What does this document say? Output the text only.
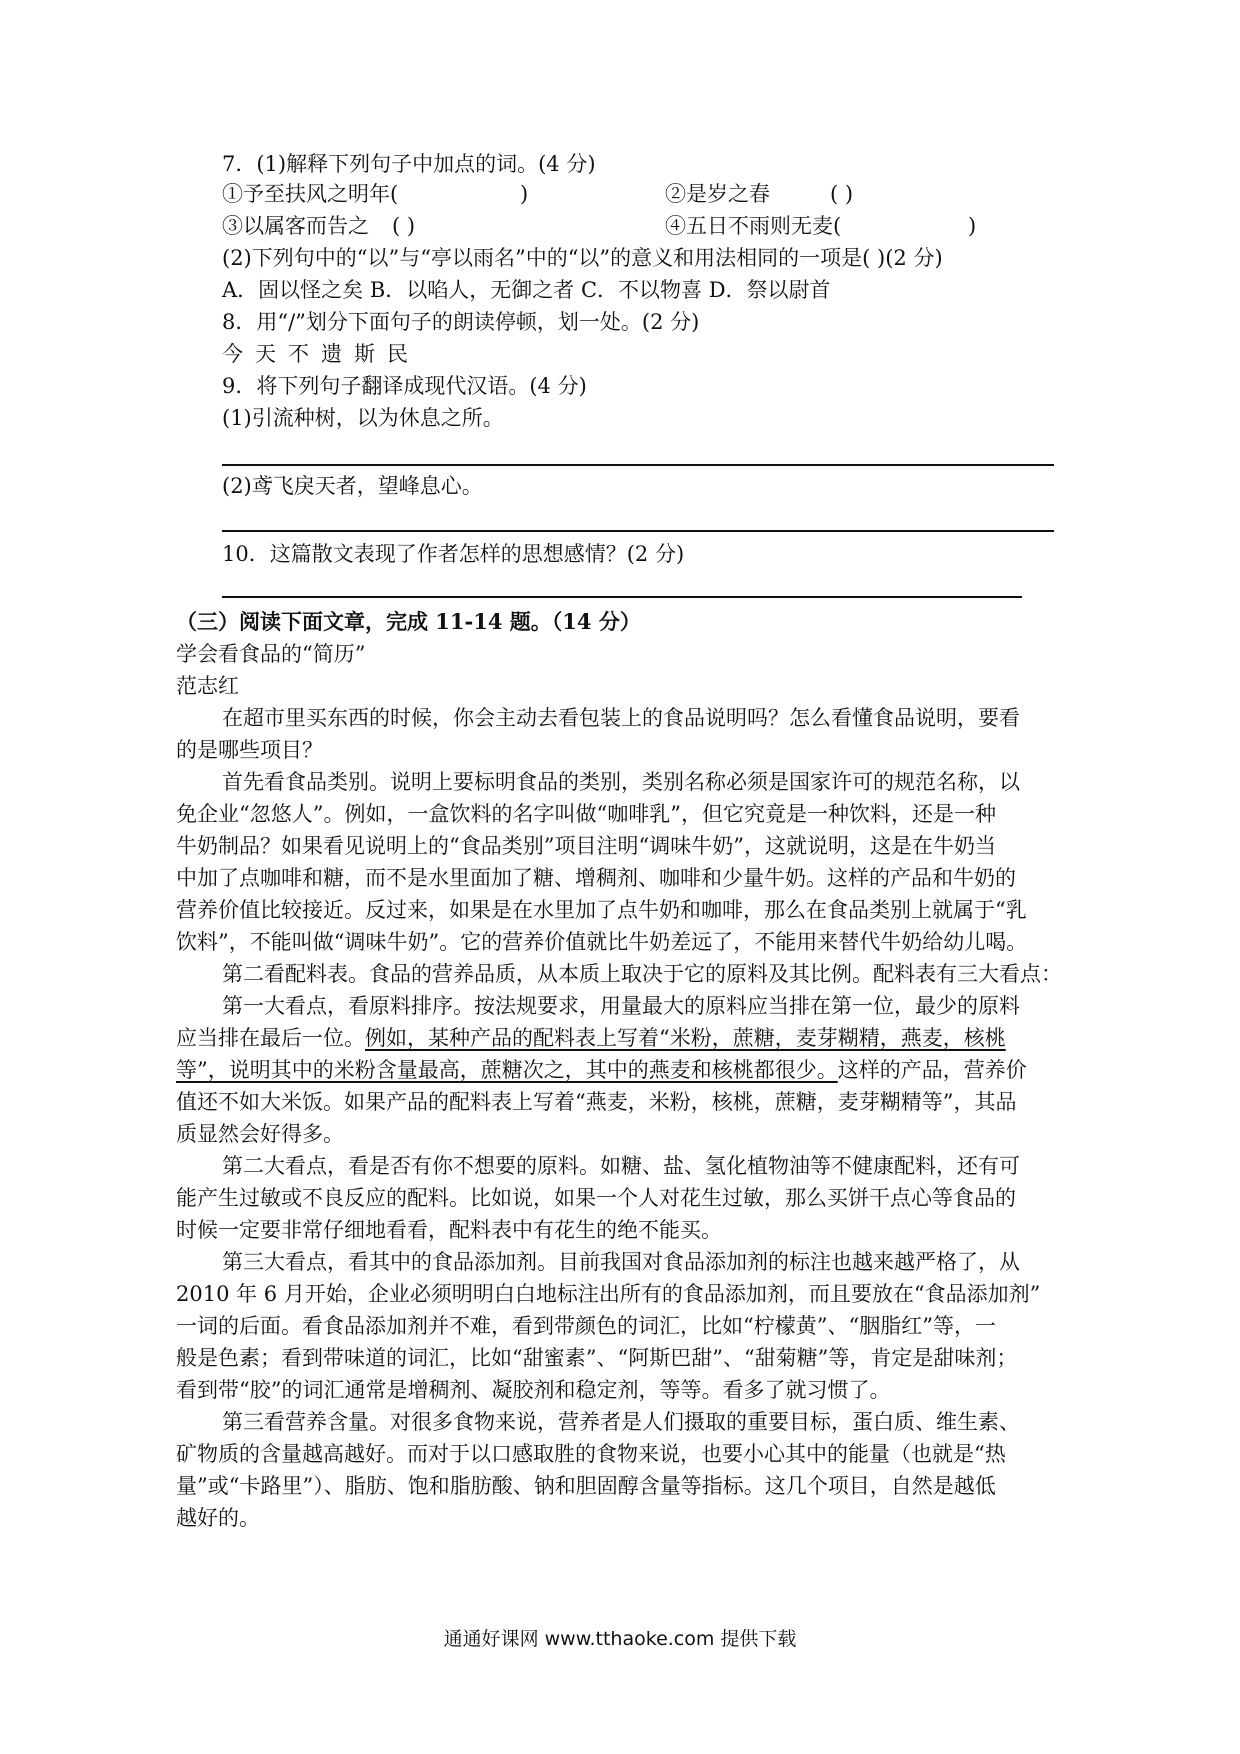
7．(1)解释下列句子中加点的词。(4 分)
①予至扶风之明年(	)	②是岁之春	( )
③以属客而告之 ( )	④五日不雨则无麦(	)
(2)下列句中的“以”与“亭以雨名”中的“以”的意义和用法相同的一项是( )(2 分)
A．固以怪之矣 B．以啗人，无御之者 C．不以物喜 D．祭以尉首
8．用“/”划分下面句子的朗读停顿，划一处。(2 分)
今天不遗斯民
9．将下列句子翻译成现代汉语。(4 分)
(1)引流种树，以为休息之所。
(2)鸢飞戾天者，望峰息心。
10．这篇散文表现了作者怎样的思想感情？(2 分)
（三）阅读下面文章，完成 11-14 题。（14 分）
学会看食品的“简历”
范志红
在超市里买东西的时候，你会主动去看包装上的食品说明吗？怎么看懂食品说明，要看
的是哪些项目？
首先看食品类别。说明上要标明食品的类别，类别名称必须是国家许可的规范名称，以
免企业“忽悠人”。例如，一盒饮料的名字叫做“咖啡乳”，但它究竟是一种饮料，还是一种
牛奶制品？如果看见说明上的“食品类别”项目注明“调味牛奶”，这就说明，这是在牛奶当
中加了点咖啡和糖，而不是水里面加了糖、增稠剂、咖啡和少量牛奶。这样的产品和牛奶的
营养价值比较接近。反过来，如果是在水里加了点牛奶和咖啡，那么在食品类别上就属于“乳
饮料”，不能叫做“调味牛奶”。它的营养价值就比牛奶差远了，不能用来替代牛奶给幼儿喝。
第二看配料表。食品的营养品质，从本质上取决于它的原料及其比例。配料表有三大看点：
第一大看点，看原料排序。按法规要求，用量最大的原料应当排在第一位，最少的原料
应当排在最后一位。例如，某种产品的配料表上写着“米粉，蔗糖，麦芽糊精，燕麦，核桃
等”，说明其中的米粉含量最高，蔗糖次之，其中的燕麦和核桃都很少。这样的产品，营养价
值还不如大米饭。如果产品的配料表上写着“燕麦，米粉，核桃，蔗糖，麦芽糊精等”，其品
质显然会好得多。
第二大看点，看是否有你不想要的原料。如糖、盐、氢化植物油等不健康配料，还有可
能产生过敏或不良反应的配料。比如说，如果一个人对花生过敏，那么买饼干点心等食品的
时候一定要非常仔细地看看，配料表中有花生的绝不能买。
第三大看点，看其中的食品添加剂。目前我国对食品添加剂的标注也越来越严格了，从
2010 年 6 月开始，企业必须明明白白地标注出所有的食品添加剂，而且要放在“食品添加剂”
一词的后面。看食品添加剂并不难，看到带颜色的词汇，比如“柠檬黄”、“胭脂红”等，一
般是色素；看到带味道的词汇，比如“甜蜜素”、“阿斯巴甜”、“甜菊糖”等，肯定是甜味剂；
看到带“胶”的词汇通常是增稠剂、凝胶剂和稳定剂，等等。看多了就习惯了。
第三看营养含量。对很多食物来说，营养者是人们摄取的重要目标，蛋白质、维生素、
矿物质的含量越高越好。而对于以口感取胜的食物来说，也要小心其中的能量（也就是“热
量”或“卡路里”）、脂肪、饱和脂肪酸、钠和胆固醇含量等指标。这几个项目，自然是越低
越好的。
通通好课网 www.tthaoke.com 提供下载
